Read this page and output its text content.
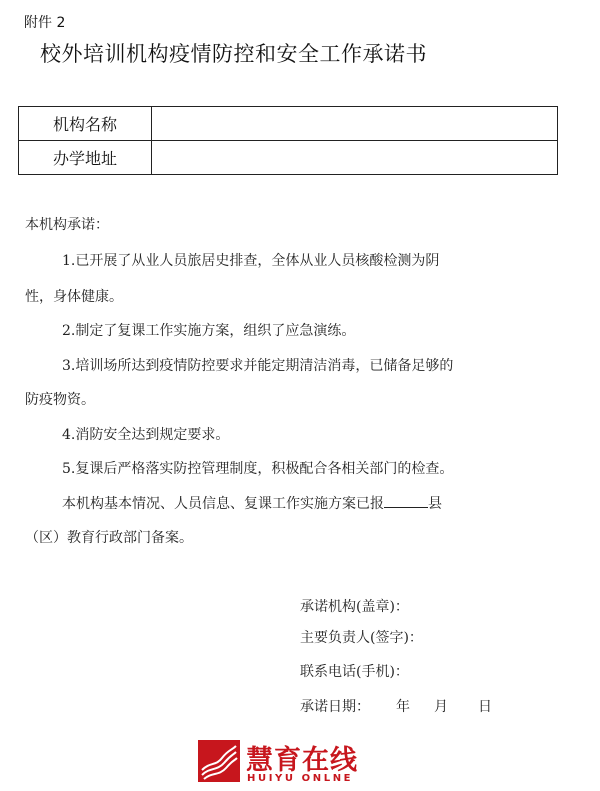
附件 2
校外培训机构疫情防控和安全工作承诺书
机构名称	
办学地址	
本机构承诺：
1.已开展了从业人员旅居史排查，全体从业人员核酸检测为阴
性，身体健康。
2.制定了复课工作实施方案，组织了应急演练。
3.培训场所达到疫情防控要求并能定期清洁消毒，已储备足够的
防疫物资。
4.消防安全达到规定要求。
5.复课后严格落实防控管理制度，积极配合各相关部门的检查。
本机构基本情况、人员信息、复课工作实施方案已报	县
（区）教育行政部门备案。
承诺机构(盖章)：
主要负责人(签字)：
联系电话(手机)：
承诺日期： 年 月 日
慧育在线
HUIYU ONLNE
